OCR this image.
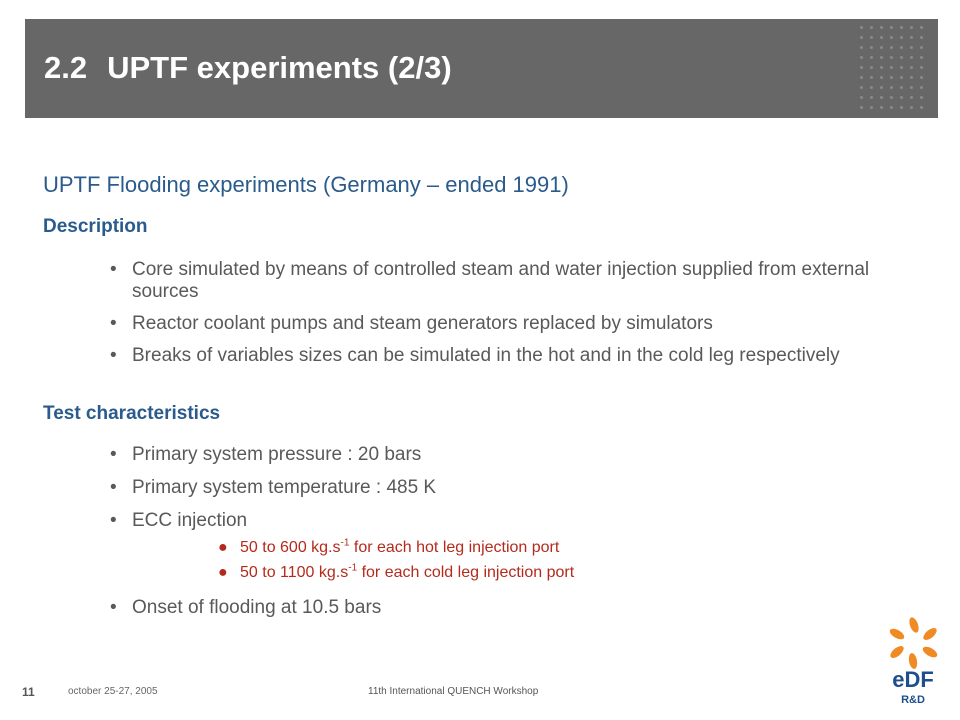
2.2 UPTF experiments (2/3)
UPTF Flooding experiments (Germany – ended 1991)
Description
• Core simulated by means of controlled steam and water injection supplied from external sources
• Reactor coolant pumps and steam generators replaced by simulators
• Breaks of variables sizes can be simulated in the hot and in the cold leg respectively
Test characteristics
• Primary system pressure : 20 bars
• Primary system temperature : 485 K
• ECC injection
● 50 to 600 $kg.s^{-1}$ for each hot leg injection port
● 50 to 1100 $kg.s^{-1}$ for each cold leg injection port
• Onset of flooding at 10.5 bars
11	october 25-27, 2005	11th International QUENCH Workshop	eDF
R&D
